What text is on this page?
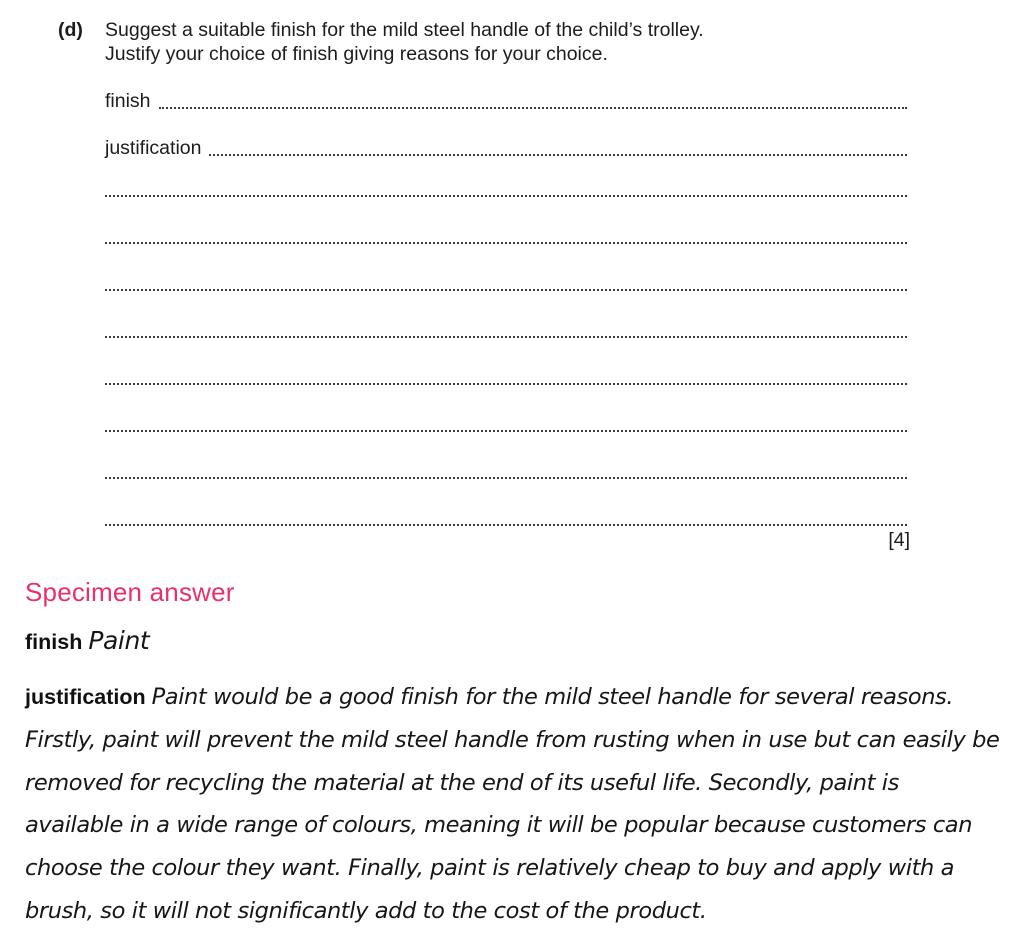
(d)	Suggest a suitable finish for the mild steel handle of the child’s trolley.
Justify your choice of finish giving reasons for your choice.
finish
justification
[4]
Specimen answer

finish Paint

justification Paint would be a good finish for the mild steel handle for several reasons. Firstly, paint will prevent the mild steel handle from rusting when in use but can easily be removed for recycling the material at the end of its useful life. Secondly, paint is available in a wide range of colours, meaning it will be popular because customers can choose the colour they want. Finally, paint is relatively cheap to buy and apply with a brush, so it will not significantly add to the cost of the product.
